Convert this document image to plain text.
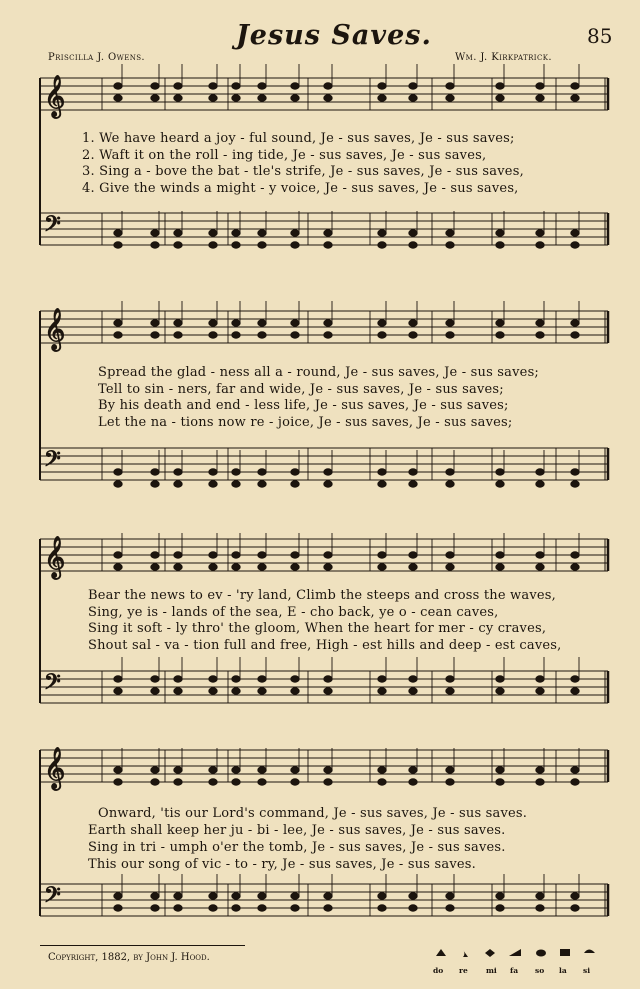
Jesus Saves.	85
Priscilla J. Owens.	Wm. J. Kirkpatrick.
𝄞
𝄢
𝄞
𝄢
𝄞
𝄢
𝄞
𝄢
1. We have heard a joy - ful sound, Je - sus saves, Je - sus saves;
2. Waft it on the roll - ing tide, Je - sus saves, Je - sus saves,
3. Sing a - bove the bat - tle's strife, Je - sus saves, Je - sus saves,
4. Give the winds a might - y voice, Je - sus saves, Je - sus saves,
Spread the glad - ness all a - round, Je - sus saves, Je - sus saves;
Tell to sin - ners, far and wide, Je - sus saves, Je - sus saves;
By his death and end - less life, Je - sus saves, Je - sus saves;
Let the na - tions now re - joice, Je - sus saves, Je - sus saves;
Bear the news to ev - 'ry land, Climb the steeps and cross the waves,
Sing, ye is - lands of the sea, E - cho back, ye o - cean caves,
Sing it soft - ly thro' the gloom, When the heart for mer - cy craves,
Shout sal - va - tion full and free, High - est hills and deep - est caves,
Onward, 'tis our Lord's command, Je - sus saves, Je - sus saves.
Earth shall keep her ju - bi - lee, Je - sus saves, Je - sus saves.
Sing in tri - umph o'er the tomb, Je - sus saves, Je - sus saves.
This our song of vic - to - ry, Je - sus saves, Je - sus saves.
Copyright, 1882, by John J. Hood.
do re mi fa so la si
